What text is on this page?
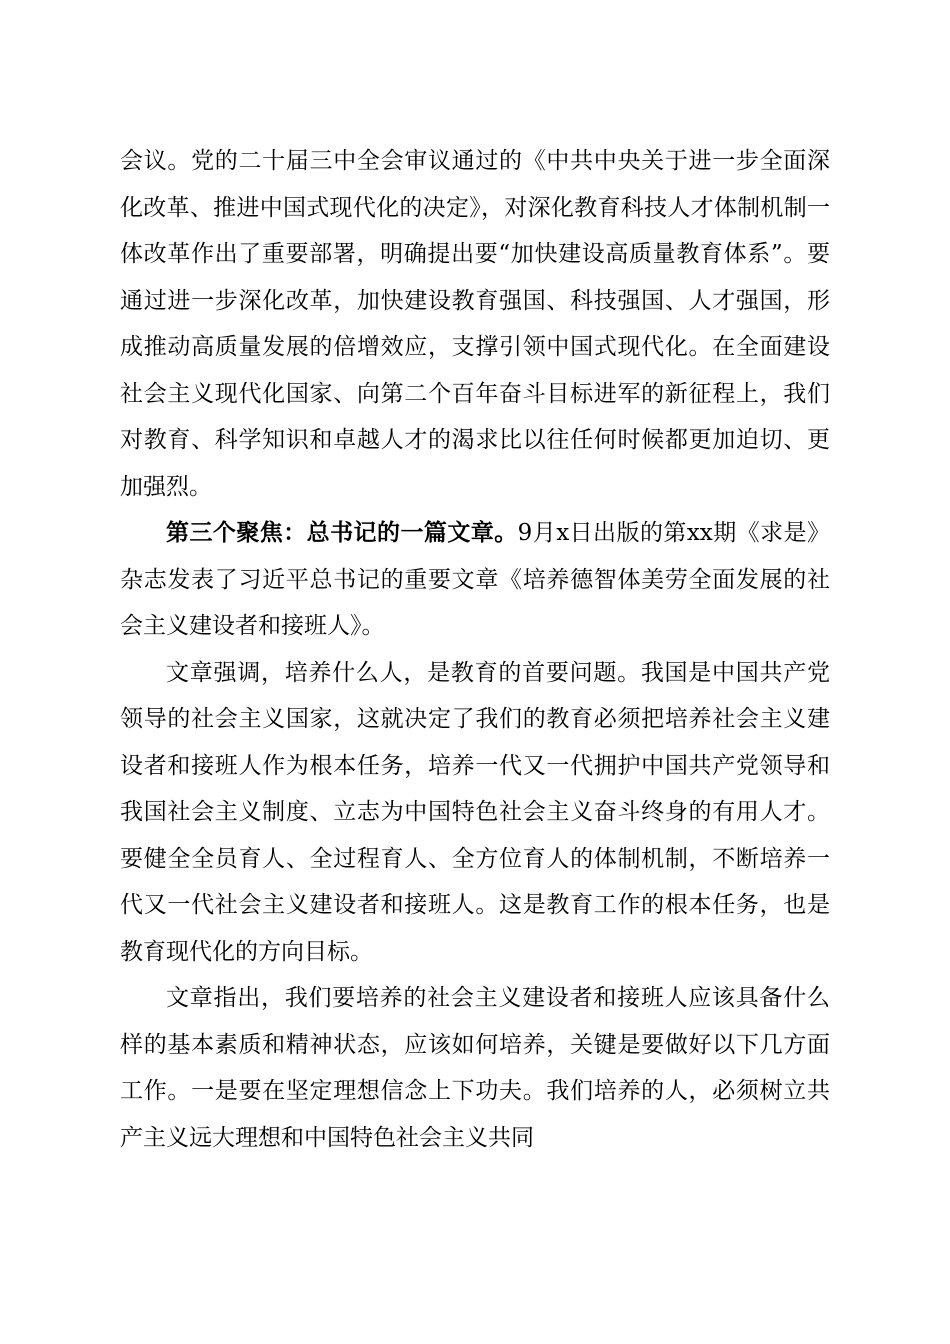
会议。党的二十届三中全会审议通过的《中共中央关于进一步全面深化改革、推进中国式现代化的决定》，对深化教育科技人才体制机制一体改革作出了重要部署，明确提出要“加快建设高质量教育体系”。要通过进一步深化改革，加快建设教育强国、科技强国、人才强国，形成推动高质量发展的倍增效应，支撑引领中国式现代化。在全面建设社会主义现代化国家、向第二个百年奋斗目标进军的新征程上，我们对教育、科学知识和卓越人才的渴求比以往任何时候都更加迫切、更加强烈。

第三个聚焦：总书记的一篇文章。9月x日出版的第xx期《求是》杂志发表了习近平总书记的重要文章《培养德智体美劳全面发展的社会主义建设者和接班人》。

文章强调，培养什么人，是教育的首要问题。我国是中国共产党领导的社会主义国家，这就决定了我们的教育必须把培养社会主义建设者和接班人作为根本任务，培养一代又一代拥护中国共产党领导和我国社会主义制度、立志为中国特色社会主义奋斗终身的有用人才。要健全全员育人、全过程育人、全方位育人的体制机制，不断培养一代又一代社会主义建设者和接班人。这是教育工作的根本任务，也是教育现代化的方向目标。

文章指出，我们要培养的社会主义建设者和接班人应该具备什么样的基本素质和精神状态，应该如何培养，关键是要做好以下几方面工作。一是要在坚定理想信念上下功夫。我们培养的人，必须树立共产主义远大理想和中国特色社会主义共同
